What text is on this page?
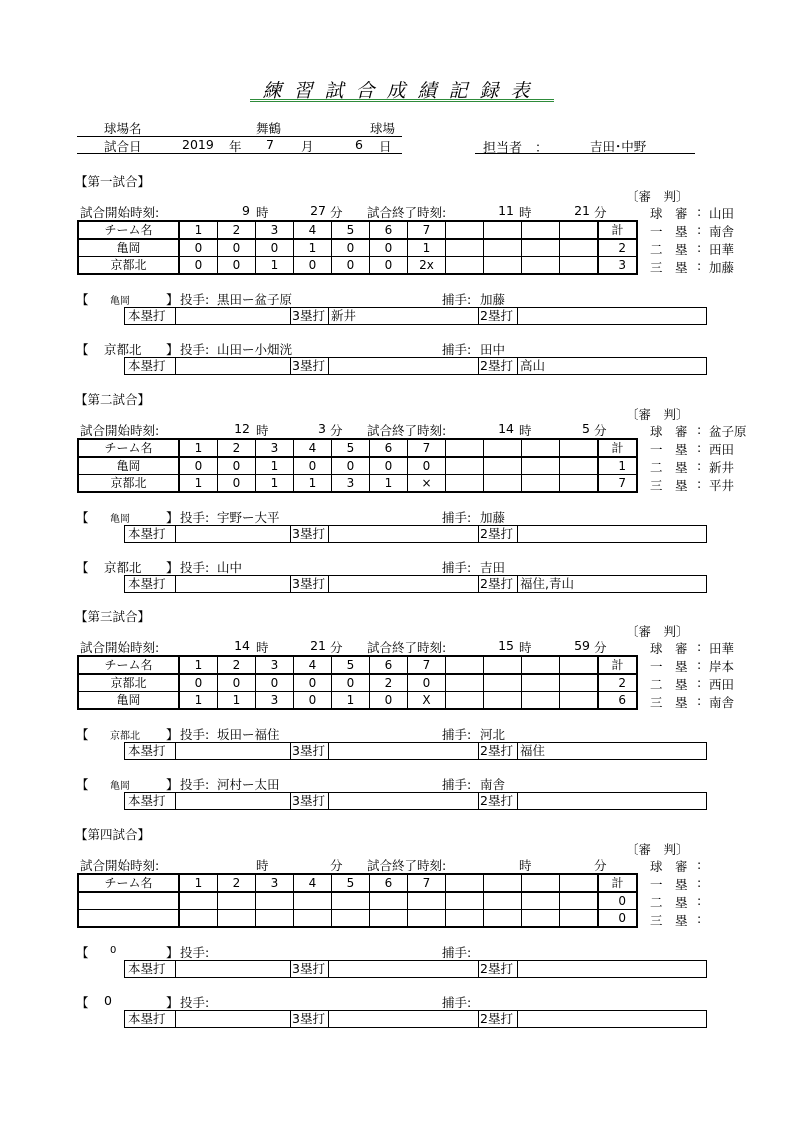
練習試合成績記録表
球場名	舞鶴	球場
試合日	2019 年 7 月	6 日	担当者　：	吉田･中野
【第一試合】
〔審　判〕
試合開始時刻:	9 時	27 分 試合終了時刻:	11 時	21 分	球　審 : 山田
一　塁 : 南舎
二　塁 : 田華
三　塁 : 加藤
チーム名	1	2	3	4	5	6	7					計
亀岡	0	0	0	1	0	0	1					2
京都北	0	0	1	0	0	0	2x					3
【 亀岡	】 投手: 黒田ー盆子原	捕手: 加藤
本塁打	3塁打 新井	2塁打
【 京都北 】 投手: 山田ー小畑洸	捕手: 田中
本塁打	3塁打	2塁打 高山
【第二試合】
〔審　判〕
試合開始時刻:	12 時	3 分 試合終了時刻:	14 時	5 分	球　審 : 盆子原
一　塁 : 西田
二　塁 : 新井
三　塁 : 平井
チーム名	1	2	3	4	5	6	7					計
亀岡	0	0	1	0	0	0	0					1
京都北	1	0	1	1	3	1	×					7
【 亀岡	】 投手: 宇野ー大平	捕手: 加藤
本塁打	3塁打	2塁打
【 京都北 】 投手: 山中	捕手: 吉田
本塁打	3塁打	2塁打 福住,青山
【第三試合】
〔審　判〕
試合開始時刻:	14 時	21 分 試合終了時刻:	15 時	59 分	球　審 : 田華
一　塁 : 岸本
二　塁 : 西田
三　塁 : 南舎
チーム名	1	2	3	4	5	6	7					計
京都北	0	0	0	0	0	2	0					2
亀岡	1	1	3	0	1	0	X					6
【 京都北 】 投手: 坂田ー福住	捕手: 河北
本塁打	3塁打	2塁打 福住
【 亀岡	】 投手: 河村ー太田	捕手: 南舎
本塁打	3塁打	2塁打
【第四試合】
〔審　判〕
試合開始時刻:	時	分 試合終了時刻:	時	分	球　審 :
一　塁 :
二　塁 :
三　塁 :
チーム名	1	2	3	4	5	6	7					計
												0
												0
【 0	】 投手:	捕手:
本塁打	3塁打	2塁打
【 0	】 投手:	捕手:
本塁打	3塁打	2塁打
